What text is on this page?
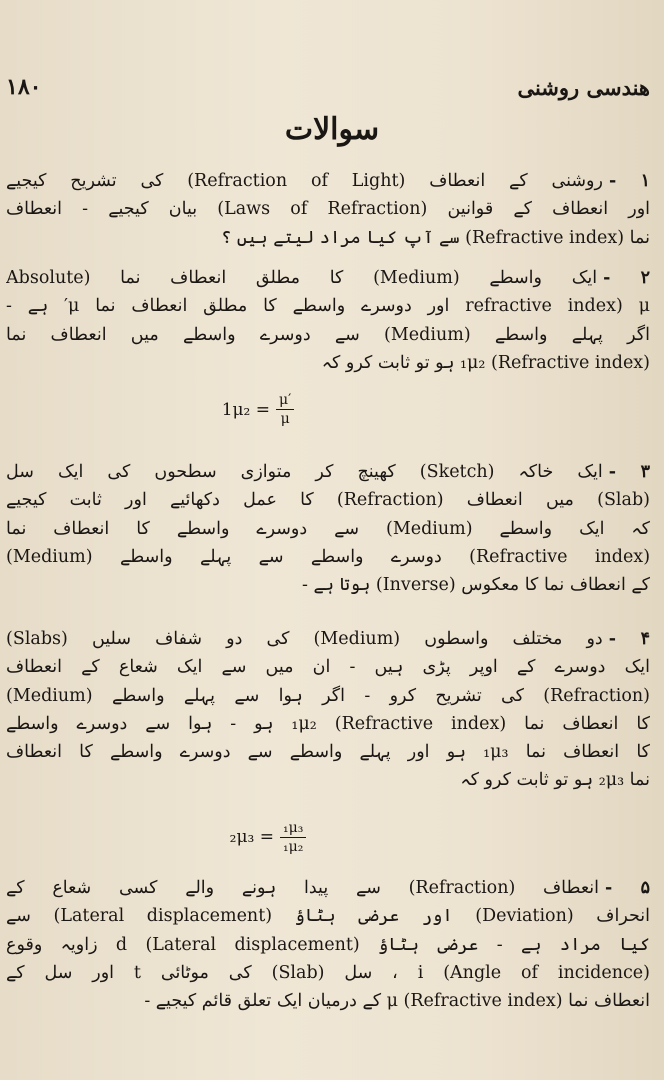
۱۸۰	هندسی روشنی
سوالات
۱ -روشنی کے انعطاف (Refraction of Light) کی تشریح کیجیے
اور انعطاف کے قوانین (Laws of Refraction) بیان کیجیے - انعطاف
نما (Refractive index) سے آپ کیا مراد لیتے ہیں ؟
۲ -ایک واسطے (Medium) کا مطلق انعطاف نما (Absolute
refractive index) μ اور دوسرے واسطے کا مطلق انعطاف نما μ′ ہے -
اگر پہلے واسطے (Medium) سے دوسرے واسطے میں انعطاف نما
(Refractive index) ₁μ₂ ہو تو ثابت کرو کہ
$1\mu_2 = \frac{\mu'}{\mu}$
۳ -ایک خاکہ (Sketch) کھینچ کر متوازی سطحوں کی ایک سل
(Slab) میں انعطاف (Refraction) کا عمل دکھائیے اور ثابت کیجیے
کہ ایک واسطے (Medium) سے دوسرے واسطے کا انعطاف نما
(Refractive index) دوسرے واسطے سے پہلے واسطے (Medium)
کے انعطاف نما کا معکوس (Inverse) ہوتا ہے -
۴ -دو مختلف واسطوں (Medium) کی دو شفاف سلیں (Slabs)
ایک دوسرے کے اوپر پڑی ہیں - ان میں سے ایک شعاع کے انعطاف
(Refraction) کی تشریح کرو - اگر ہوا سے پہلے واسطے (Medium)
کا انعطاف نما (Refractive index) ₁μ₂ ہو - ہوا سے دوسرے واسطے
کا انعطاف نما ₁μ₃ ہو اور پہلے واسطے سے دوسرے واسطے کا انعطاف
نما ₂μ₃ ہو تو ثابت کرو کہ
$_2\mu_3 = \frac{\text{₁μ₃}}{\text{₁μ₂}}$
۵ -انعطاف (Refraction) سے پیدا ہونے والے کسی شعاع کے
انحراف (Deviation) اور عرضی ہٹاؤ (Lateral displacement) سے
کیا مراد ہے - عرضی ہٹاؤ (Lateral displacement) d زاویہ وقوع
(Angle of incidence) i ، سل (Slab) کی موٹائی t اور سل کے
انعطاف نما (Refractive index) μ کے درمیان ایک تعلق قائم کیجیے -
